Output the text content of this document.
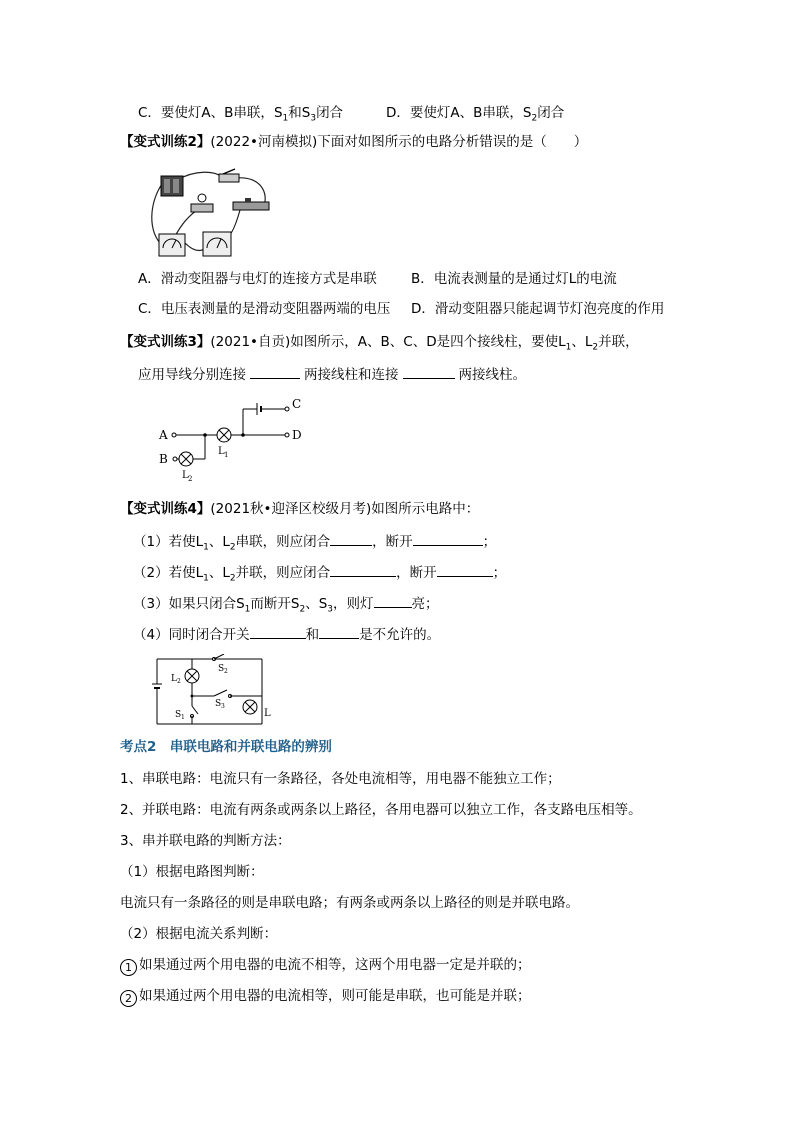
C．要使灯A、B串联，$S_1$和$S_3$闭合	D．要使灯A、B串联，$S_2$闭合
【变式训练2】(2022•河南模拟)下面对如图所示的电路分析错误的是（　　）
A．滑动变阻器与电灯的连接方式是串联	B．电流表测量的是通过灯L的电流
C．电压表测量的是滑动变阻器两端的电压 D．滑动变阻器只能起调节灯泡亮度的作用
【变式训练3】(2021•自贡)如图所示，A、B、C、D是四个接线柱，要使$L_1$、$L_2$并联，
应用导线分别连接	两接线柱和连接	两接线柱。
A
B
C
D
L 1
L 2
【变式训练4】(2021秋•迎泽区校级月考)如图所示电路中：
（1）若使$L_1$、$L_2$串联，则应闭合	，断开	；
（2）若使$L_1$、$L_2$并联，则应闭合	，断开	；
（3）如果只闭合$S_1$而断开$S_2$、$S_3$，则灯	亮；
（4）同时闭合开关	和	是不允许的。
L 2
L
S 2
S 3
S 1
考点2　串联电路和并联电路的辨别
1、串联电路：电流只有一条路径，各处电流相等，用电器不能独立工作；
2、并联电路：电流有两条或两条以上路径，各用电器可以独立工作，各支路电压相等。
3、串并联电路的判断方法：
（1）根据电路图判断：
电流只有一条路径的则是串联电路；有两条或两条以上路径的则是并联电路。
（2）根据电流关系判断：
1 如果通过两个用电器的电流不相等，这两个用电器一定是并联的；
2 如果通过两个用电器的电流相等，则可能是串联，也可能是并联；
